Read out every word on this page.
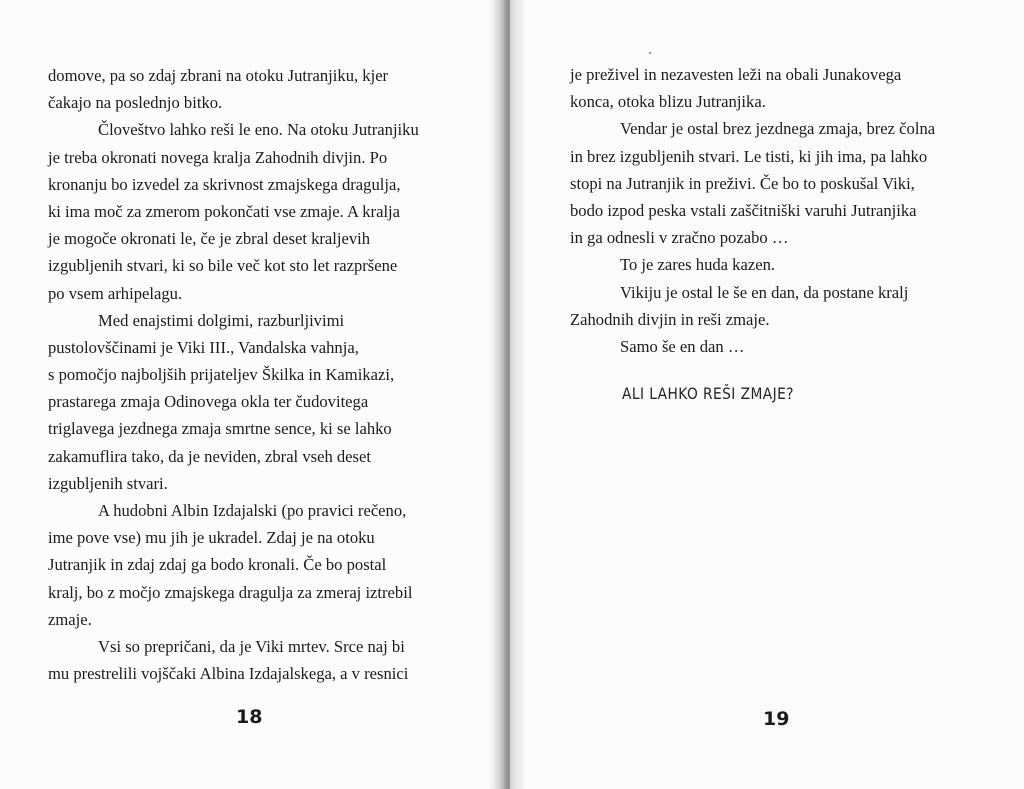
domove, pa so zdaj zbrani na otoku Jutranjiku, kjer
čakajo na poslednjo bitko.
Človeštvo lahko reši le eno. Na otoku Jutranjiku
je treba okronati novega kralja Zahodnih divjin. Po
kronanju bo izvedel za skrivnost zmajskega dragulja,
ki ima moč za zmerom pokončati vse zmaje. A kralja
je mogoče okronati le, če je zbral deset kraljevih
izgubljenih stvari, ki so bile več kot sto let razpršene
po vsem arhipelagu.
Med enajstimi dolgimi, razburljivimi
pustolovščinami je Viki III., Vandalska vahnja,
s pomočjo najboljših prijateljev Škilka in Kamikazi,
prastarega zmaja Odinovega okla ter čudovitega
triglavega jezdnega zmaja smrtne sence, ki se lahko
zakamuflira tako, da je neviden, zbral vseh deset
izgubljenih stvari.
A hudobni Albin Izdajalski (po pravici rečeno,
ime pove vse) mu jih je ukradel. Zdaj je na otoku
Jutranjik in zdaj zdaj ga bodo kronali. Če bo postal
kralj, bo z močjo zmajskega dragulja za zmeraj iztrebil
zmaje.
Vsi so prepričani, da je Viki mrtev. Srce naj bi
mu prestrelili vojščaki Albina Izdajalskega, a v resnici
18
je preživel in nezavesten leži na obali Junakovega
konca, otoka blizu Jutranjika.
Vendar je ostal brez jezdnega zmaja, brez čolna
in brez izgubljenih stvari. Le tisti, ki jih ima, pa lahko
stopi na Jutranjik in preživi. Če bo to poskušal Viki,
bodo izpod peska vstali zaščitniški varuhi Jutranjika
in ga odnesli v zračno pozabo …
To je zares huda kazen.
Vikiju je ostal le še en dan, da postane kralj
Zahodnih divjin in reši zmaje.
Samo še en dan …
ALI LAHKO REŠI ZMAJE?
19
